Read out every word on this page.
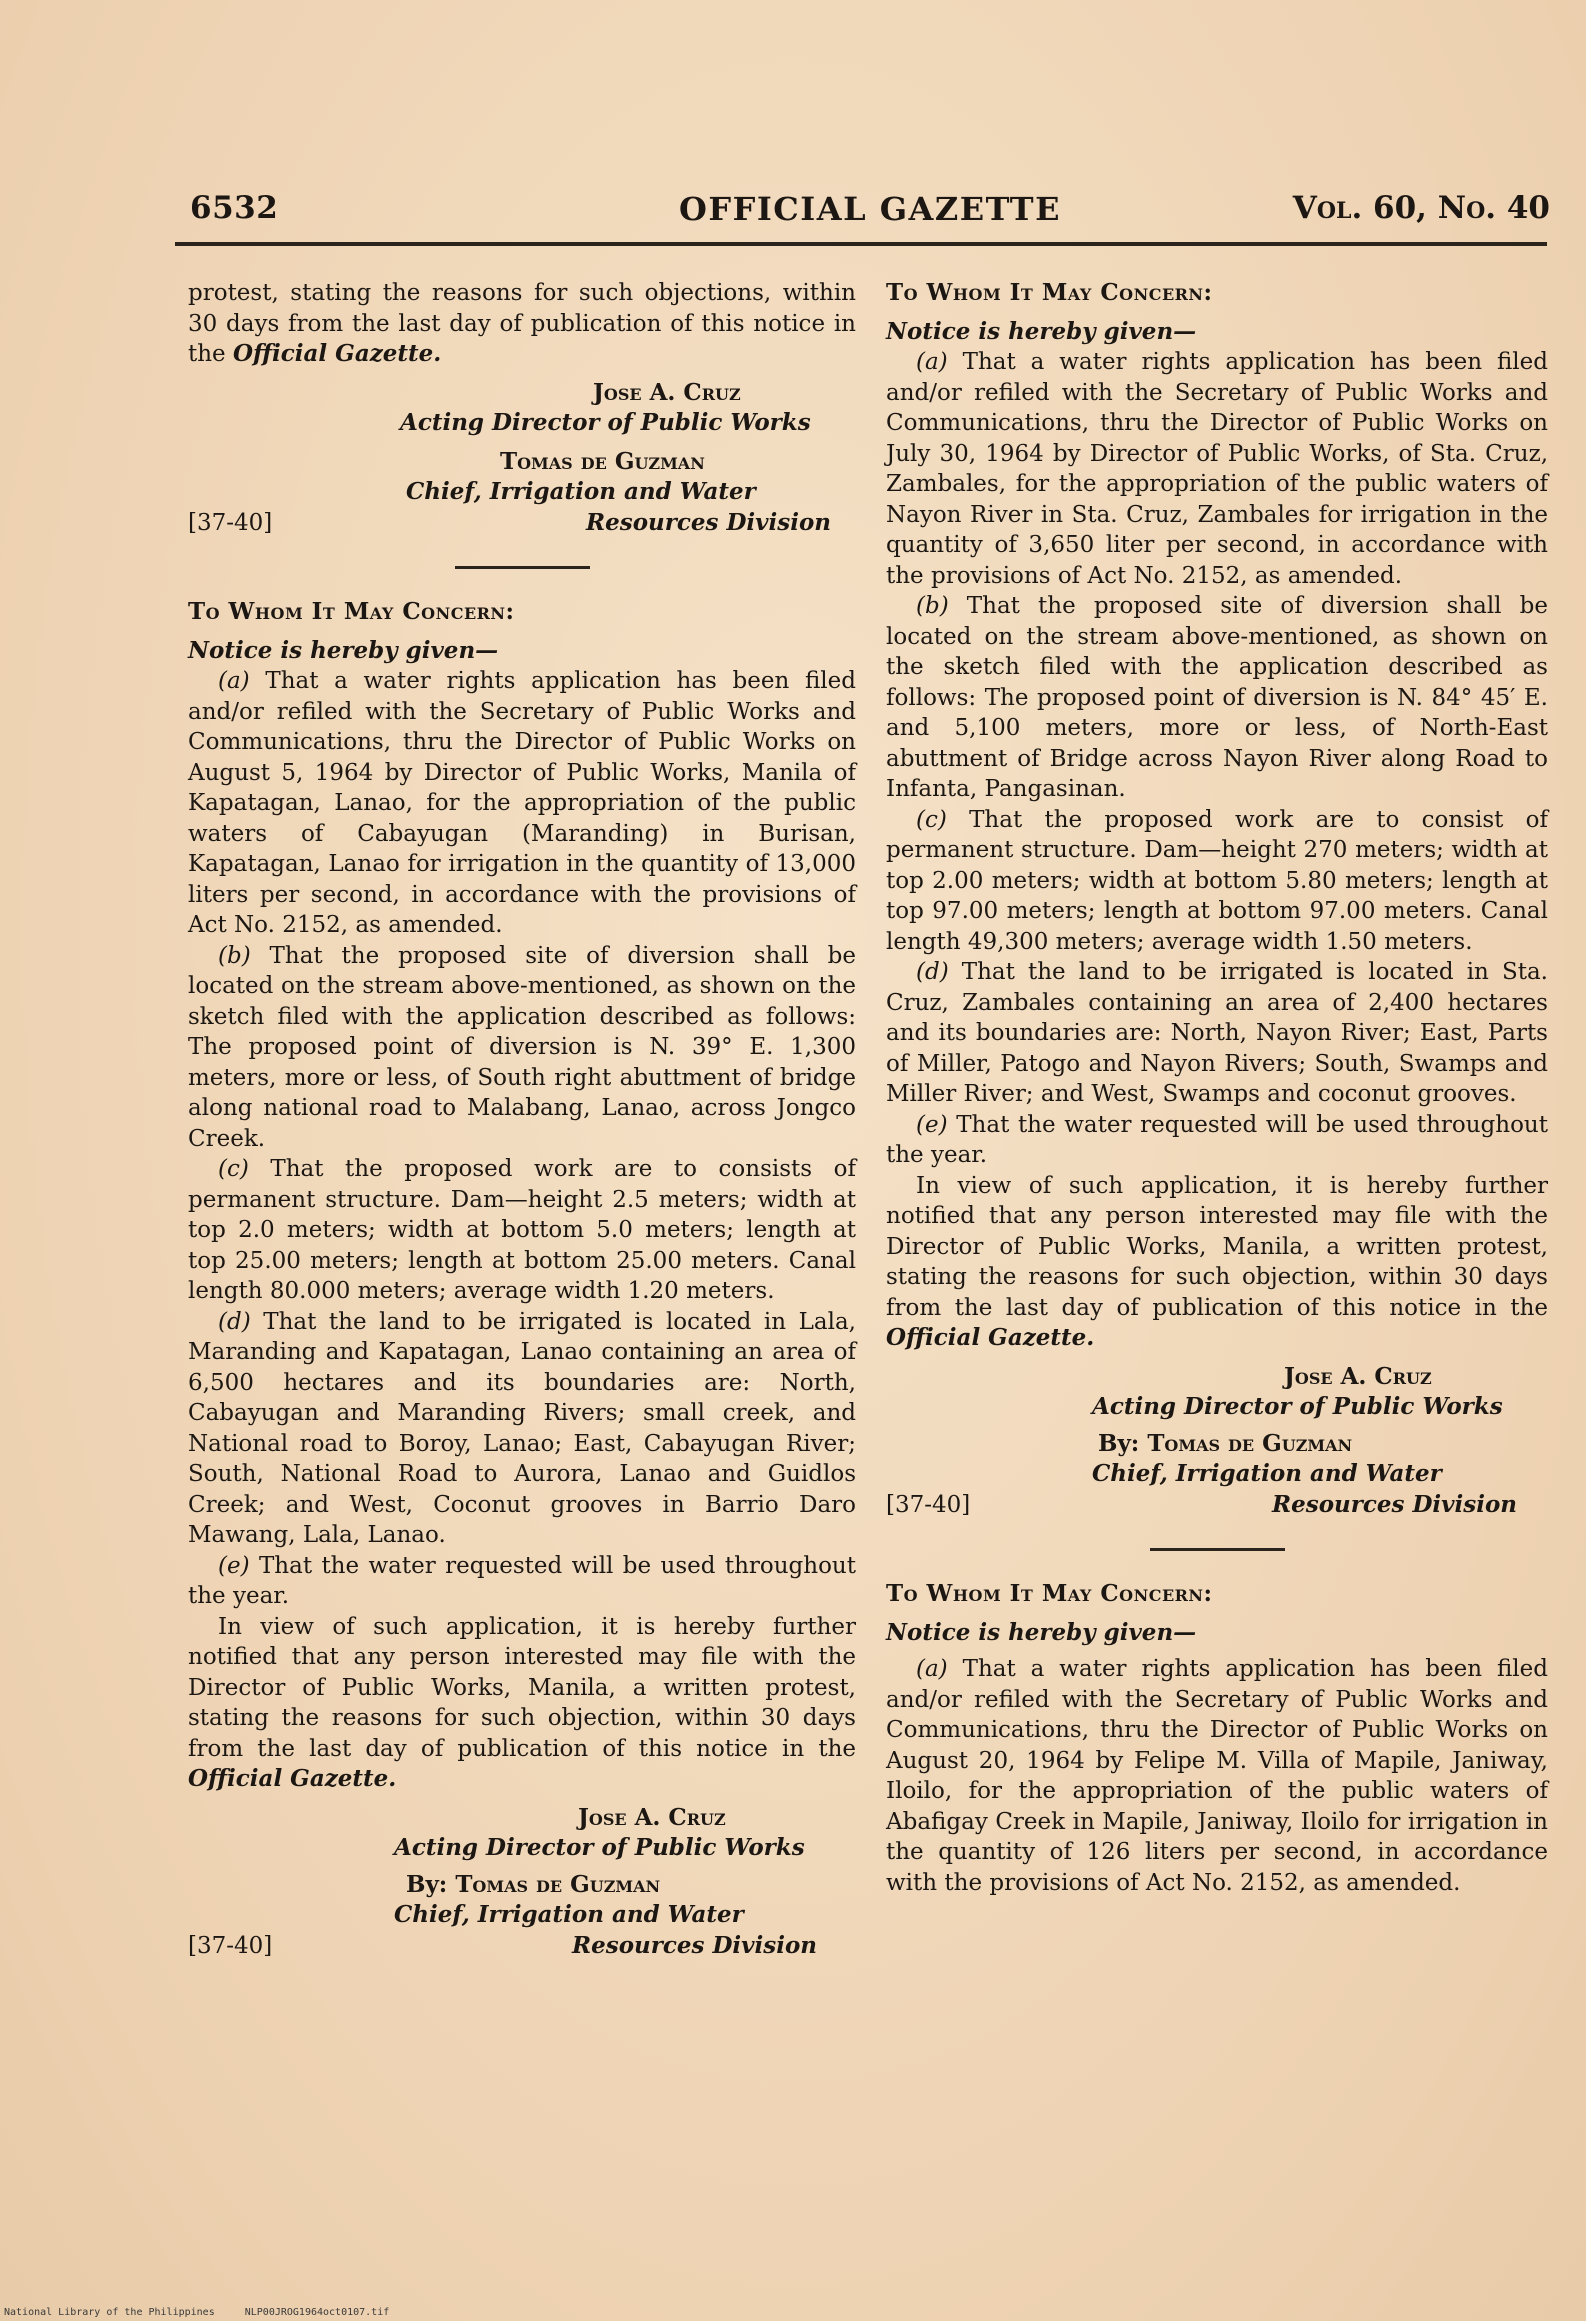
OFFICIAL GAZETTE
6532	Vol. 60, No. 40

protest, stating the reasons for such objections, within 30 days from the last day of publication of this notice in the Official Gazette.

Jose A. Cruz
Acting Director of Public Works
Tomas de Guzman
Chief, Irrigation and Water
Resources Division
[37-40]

To Whom It May Concern:

Notice is hereby given—

(a) That a water rights application has been filed and/or refiled with the Secretary of Public Works and Communications, thru the Director of Public Works on August 5, 1964 by Director of Public Works, Manila of Kapatagan, Lanao, for the appropriation of the public waters of Cabayugan (Maranding) in Burisan, Kapatagan, Lanao for irrigation in the quantity of 13,000 liters per second, in accordance with the provisions of Act No. 2152, as amended.

(b) That the proposed site of diversion shall be located on the stream above-mentioned, as shown on the sketch filed with the application described as follows: The proposed point of diversion is N. 39° E. 1,300 meters, more or less, of South right abuttment of bridge along national road to Malabang, Lanao, across Jongco Creek.

(c) That the proposed work are to consists of permanent structure. Dam—height 2.5 meters; width at top 2.0 meters; width at bottom 5.0 meters; length at top 25.00 meters; length at bottom 25.00 meters. Canal length 80.000 meters; average width 1.20 meters.

(d) That the land to be irrigated is located in Lala, Maranding and Kapatagan, Lanao containing an area of 6,500 hectares and its boundaries are: North, Cabayugan and Maranding Rivers; small creek, and National road to Boroy, Lanao; East, Cabayugan River; South, National Road to Aurora, Lanao and Guidlos Creek; and West, Coconut grooves in Barrio Daro Mawang, Lala, Lanao.

(e) That the water requested will be used throughout the year.

In view of such application, it is hereby further notified that any person interested may file with the Director of Public Works, Manila, a written protest, stating the reasons for such objection, within 30 days from the last day of publication of this notice in the Official Gazette.

Jose A. Cruz
Acting Director of Public Works
By: Tomas de Guzman
Chief, Irrigation and Water
Resources Division
[37-40]

To Whom It May Concern:

Notice is hereby given—

(a) That a water rights application has been filed and/or refiled with the Secretary of Public Works and Communications, thru the Director of Public Works on July 30, 1964 by Director of Public Works, of Sta. Cruz, Zambales, for the appropriation of the public waters of Nayon River in Sta. Cruz, Zambales for irrigation in the quantity of 3,650 liter per second, in accordance with the provisions of Act No. 2152, as amended.

(b) That the proposed site of diversion shall be located on the stream above-mentioned, as shown on the sketch filed with the application described as follows: The proposed point of diversion is N. 84° 45′ E. and 5,100 meters, more or less, of North-East abuttment of Bridge across Nayon River along Road to Infanta, Pangasinan.

(c) That the proposed work are to consist of permanent structure. Dam—height 270 meters; width at top 2.00 meters; width at bottom 5.80 meters; length at top 97.00 meters; length at bottom 97.00 meters. Canal length 49,300 meters; average width 1.50 meters.

(d) That the land to be irrigated is located in Sta. Cruz, Zambales containing an area of 2,400 hectares and its boundaries are: North, Nayon River; East, Parts of Miller, Patogo and Nayon Rivers; South, Swamps and Miller River; and West, Swamps and coconut grooves.

(e) That the water requested will be used throughout the year.

In view of such application, it is hereby further notified that any person interested may file with the Director of Public Works, Manila, a written protest, stating the reasons for such objection, within 30 days from the last day of publication of this notice in the Official Gazette.

Jose A. Cruz
Acting Director of Public Works
By: Tomas de Guzman
Chief, Irrigation and Water
Resources Division
[37-40]

To Whom It May Concern:

Notice is hereby given—

(a) That a water rights application has been filed and/or refiled with the Secretary of Public Works and Communications, thru the Director of Public Works on August 20, 1964 by Felipe M. Villa of Mapile, Janiway, Iloilo, for the appropriation of the public waters of Abafigay Creek in Mapile, Janiway, Iloilo for irrigation in the quantity of 126 liters per second, in accordance with the provisions of Act No. 2152, as amended.

National Library of the Philippines	NLP00JROG1964oct0107.tif
